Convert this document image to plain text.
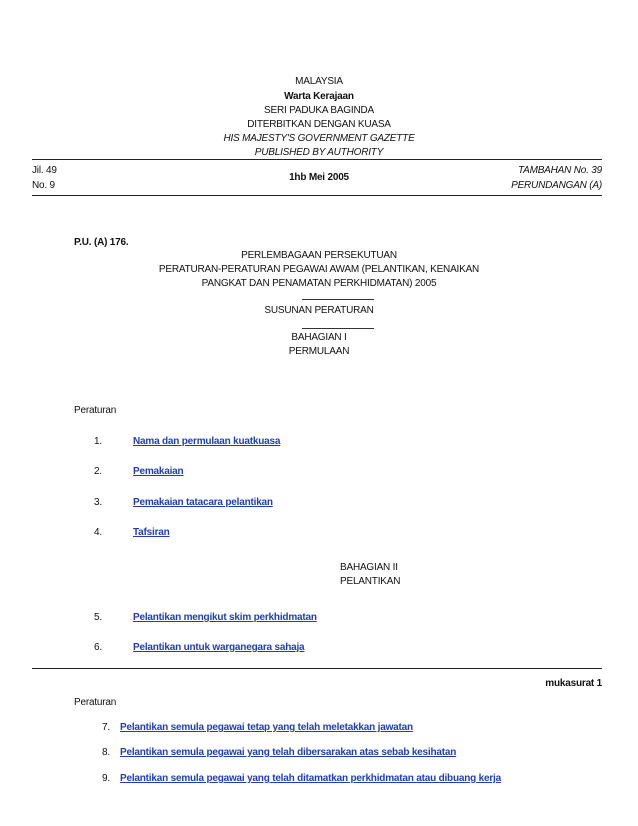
MALAYSIA
Warta Kerajaan
SERI PADUKA BAGINDA
DITERBITKAN DENGAN KUASA
HIS MAJESTY'S GOVERNMENT GAZETTE
PUBLISHED BY AUTHORITY
Jil. 49
No. 9
1hb Mei 2005
TAMBAHAN No. 39
PERUNDANGAN (A)
P.U. (A) 176.
PERLEMBAGAAN PERSEKUTUAN
PERATURAN-PERATURAN PEGAWAI AWAM (PELANTIKAN, KENAIKAN
PANGKAT DAN PENAMATAN PERKHIDMATAN) 2005
SUSUNAN PERATURAN
BAHAGIAN I
PERMULAAN
Peraturan
1.	Nama dan permulaan kuatkuasa
2.	Pemakaian
3.	Pemakaian tatacara pelantikan
4.	Tafsiran
BAHAGIAN II
PELANTIKAN
5.	Pelantikan mengikut skim perkhidmatan
6.	Pelantikan untuk warganegara sahaja
mukasurat 1
Peraturan
7.	Pelantikan semula pegawai tetap yang telah meletakkan jawatan
8.	Pelantikan semula pegawai yang telah dibersarakan atas sebab kesihatan
9.	Pelantikan semula pegawai yang telah ditamatkan perkhidmatan atau dibuang kerja
